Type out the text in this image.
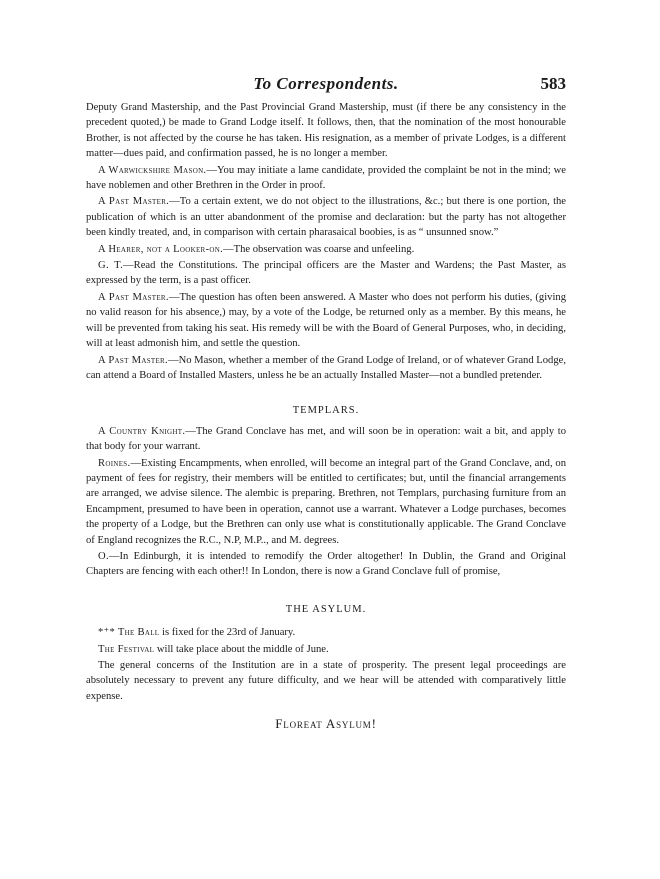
To Correspondents.	583

Deputy Grand Mastership, and the Past Provincial Grand Mastership, must (if there be any consistency in the precedent quoted,) be made to Grand Lodge itself. It follows, then, that the nomination of the most honourable Brother, is not affected by the course he has taken. His resignation, as a member of private Lodges, is a different matter—dues paid, and confirmation passed, he is no longer a member.

A Warwickshire Mason.—You may initiate a lame candidate, provided the complaint be not in the mind; we have noblemen and other Brethren in the Order in proof.

A Past Master.—To a certain extent, we do not object to the illustrations, &c.; but there is one portion, the publication of which is an utter abandonment of the promise and declaration: but the party has not altogether been kindly treated, and, in comparison with certain pharasaical boobies, is as “ unsunned snow.”

A Hearer, not a Looker-on.—The observation was coarse and unfeeling.

G. T.—Read the Constitutions. The principal officers are the Master and Wardens; the Past Master, as expressed by the term, is a past officer.

A Past Master.—The question has often been answered. A Master who does not perform his duties, (giving no valid reason for his absence,) may, by a vote of the Lodge, be returned only as a member. By this means, he will be prevented from taking his seat. His remedy will be with the Board of General Purposes, who, in deciding, will at least admonish him, and settle the question.

A Past Master.—No Mason, whether a member of the Grand Lodge of Ireland, or of whatever Grand Lodge, can attend a Board of Installed Masters, unless he be an actually Installed Master—not a bundled pretender.

TEMPLARS.

A Country Knight.—The Grand Conclave has met, and will soon be in operation: wait a bit, and apply to that body for your warrant.

Roines.—Existing Encampments, when enrolled, will become an integral part of the Grand Conclave, and, on payment of fees for registry, their members will be entitled to certificates; but, until the financial arrangements are arranged, we advise silence. The alembic is preparing. Brethren, not Templars, purchasing furniture from an Encampment, presumed to have been in operation, cannot use a warrant. Whatever a Lodge purchases, becomes the property of a Lodge, but the Brethren can only use what is constitutionally applicable. The Grand Conclave of England recognizes the R.C., N.P, M.P.., and M. degrees.

O.—In Edinburgh, it is intended to remodify the Order altogether! In Dublin, the Grand and Original Chapters are fencing with each other!! In London, there is now a Grand Conclave full of promise,

THE ASYLUM.

*⁺* The Ball is fixed for the 23rd of January.

The Festival will take place about the middle of June.

The general concerns of the Institution are in a state of prosperity. The present legal proceedings are absolutely necessary to prevent any future difficulty, and we hear will be attended with comparatively little expense.

Floreat Asylum!
